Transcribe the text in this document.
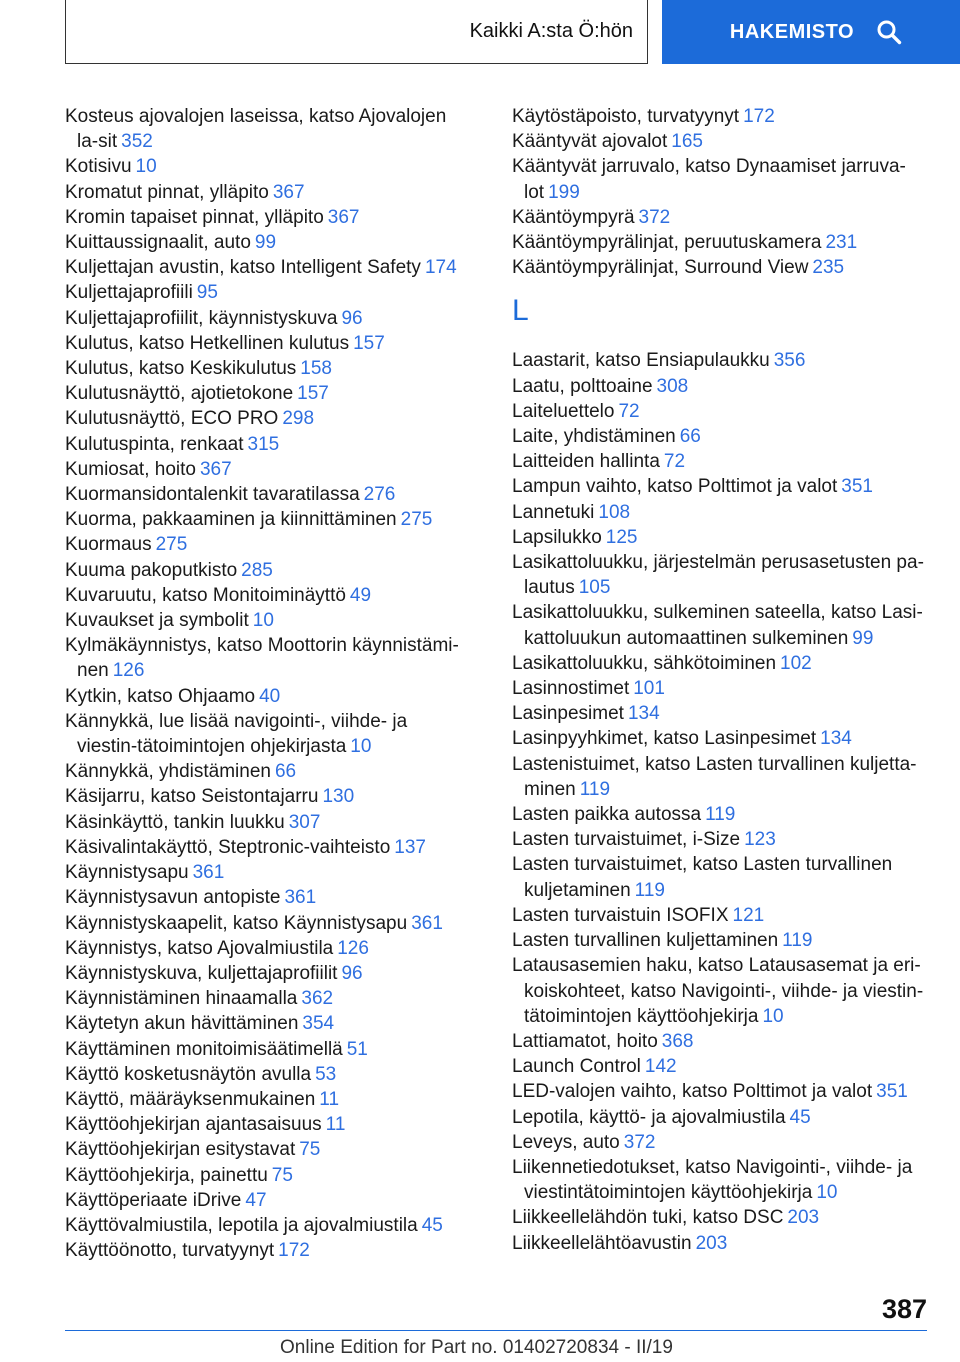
Kaikki A:sta Ö:hön	HAKEMISTO
Kosteus ajovalojen laseissa, katso Ajovalojen la-sit 352
Kotisivu 10
Kromatut pinnat, ylläpito 367
Kromin tapaiset pinnat, ylläpito 367
Kuittaussignaalit, auto 99
Kuljettajan avustin, katso Intelligent Safety 174
Kuljettajaprofiili 95
Kuljettajaprofiilit, käynnistyskuva 96
Kulutus, katso Hetkellinen kulutus 157
Kulutus, katso Keskikulutus 158
Kulutusnäyttö, ajotietokone 157
Kulutusnäyttö, ECO PRO 298
Kulutuspinta, renkaat 315
Kumiosat, hoito 367
Kuormansidontalenkit tavaratilassa 276
Kuorma, pakkaaminen ja kiinnittäminen 275
Kuormaus 275
Kuuma pakoputkisto 285
Kuvaruutu, katso Monitoiminäyttö 49
Kuvaukset ja symbolit 10
Kylmäkäynnistys, katso Moottorin käynnistämi-nen 126
Kytkin, katso Ohjaamo 40
Kännykkä, lue lisää navigointi-, viihde- ja viestin-tätoimintojen ohjekirjasta 10
Kännykkä, yhdistäminen 66
Käsijarru, katso Seistontajarru 130
Käsinkäyttö, tankin luukku 307
Käsivalintakäyttö, Steptronic-vaihteisto 137
Käynnistysapu 361
Käynnistysavun antopiste 361
Käynnistyskaapelit, katso Käynnistysapu 361
Käynnistys, katso Ajovalmiustila 126
Käynnistyskuva, kuljettajaprofiilit 96
Käynnistäminen hinaamalla 362
Käytetyn akun hävittäminen 354
Käyttäminen monitoimisäätimellä 51
Käyttö kosketusnäytön avulla 53
Käyttö, määräyksenmukainen 11
Käyttöohjekirjan ajantasaisuus 11
Käyttöohjekirjan esitystavat 75
Käyttöohjekirja, painettu 75
Käyttöperiaate iDrive 47
Käyttövalmiustila, lepotila ja ajovalmiustila 45
Käyttöönotto, turvatyynyt 172
Käytöstäpoisto, turvatyynyt 172
Kääntyvät ajovalot 165
Kääntyvät jarruvalo, katso Dynaamiset jarruva-lot 199
Kääntöympyrä 372
Kääntöympyrälinjat, peruutuskamera 231
Kääntöympyrälinjat, Surround View 235
L
Laastarit, katso Ensiapulaukku 356
Laatu, polttoaine 308
Laiteluettelo 72
Laite, yhdistäminen 66
Laitteiden hallinta 72
Lampun vaihto, katso Polttimot ja valot 351
Lannetuki 108
Lapsilukko 125
Lasikattoluukku, järjestelmän perusasetusten pa-lautus 105
Lasikattoluukku, sulkeminen sateella, katso Lasi-kattoluukun automaattinen sulkeminen 99
Lasikattoluukku, sähkötoiminen 102
Lasinnostimet 101
Lasinpesimet 134
Lasinpyyhkimet, katso Lasinpesimet 134
Lastenistuimet, katso Lasten turvallinen kuljetta-minen 119
Lasten paikka autossa 119
Lasten turvaistuimet, i-Size 123
Lasten turvaistuimet, katso Lasten turvallinen kuljetaminen 119
Lasten turvaistuin ISOFIX 121
Lasten turvallinen kuljettaminen 119
Latausasemien haku, katso Latausasemat ja eri-koiskohteet, katso Navigointi-, viihde- ja viestin-tätoimintojen käyttöohjekirja 10
Lattiamatot, hoito 368
Launch Control 142
LED-valojen vaihto, katso Polttimot ja valot 351
Lepotila, käyttö- ja ajovalmiustila 45
Leveys, auto 372
Liikennetiedotukset, katso Navigointi-, viihde- ja viestintätoimintojen käyttöohjekirja 10
Liikkeellelähdön tuki, katso DSC 203
Liikkeellelähtöavustin 203
387
Online Edition for Part no. 01402720834 - II/19
